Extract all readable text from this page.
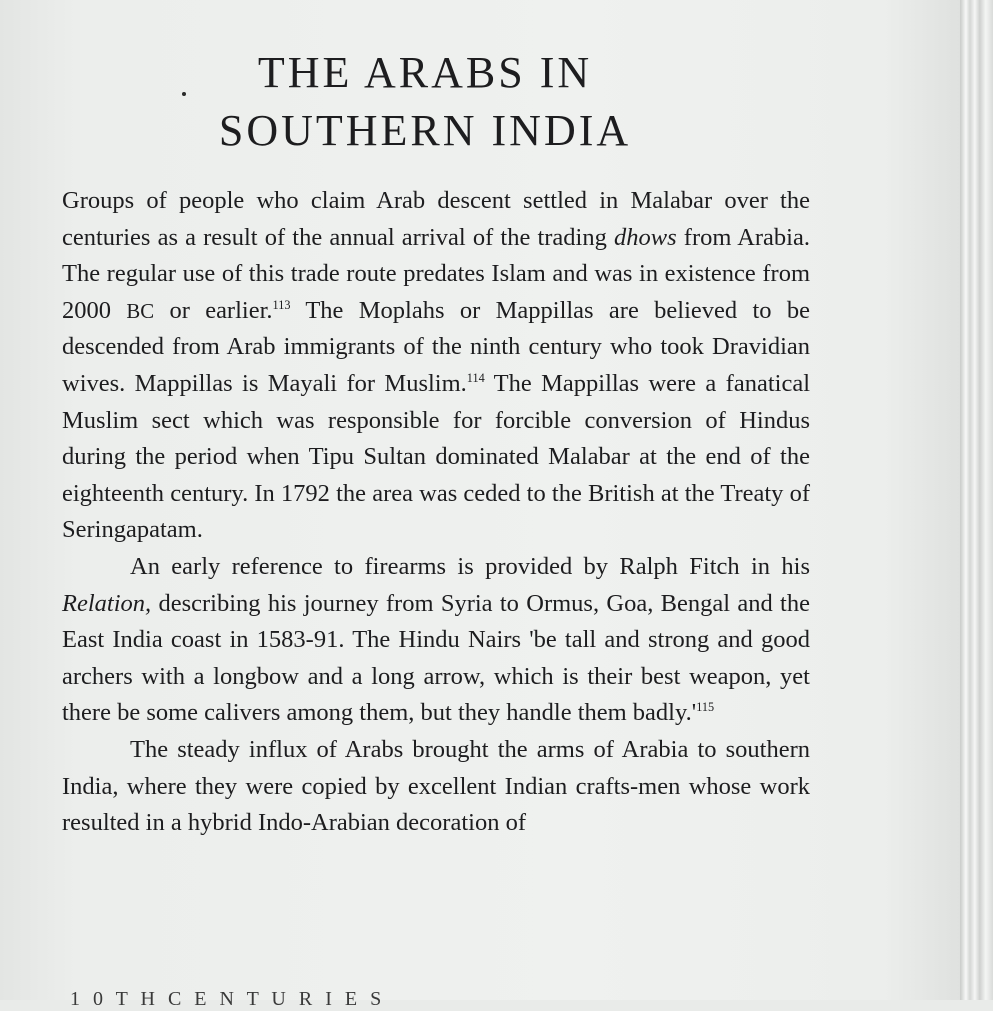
THE ARABS IN
SOUTHERN INDIA

Groups of people who claim Arab descent settled in Malabar over the centuries as a result of the annual arrival of the trading dhows from Arabia. The regular use of this trade route predates Islam and was in existence from 2000 BC or earlier.$^{113}$ The Moplahs or Mappillas are believed to be descended from Arab immigrants of the ninth century who took Dravidian wives. Mappillas is Mayali for Muslim.$^{114}$ The Mappillas were a fanatical Muslim sect which was responsible for forcible conversion of Hindus during the period when Tipu Sultan dominated Malabar at the end of the eighteenth century. In 1792 the area was ceded to the British at the Treaty of Seringapatam.

An early reference to firearms is provided by Ralph Fitch in his Relation, describing his journey from Syria to Ormus, Goa, Bengal and the East India coast in 1583-91. The Hindu Nairs 'be tall and strong and good archers with a longbow and a long arrow, which is their best weapon, yet there be some calivers among them, but they handle them badly.'$^{115}$

The steady influx of Arabs brought the arms of Arabia to southern India, where they were copied by excellent Indian crafts-men whose work resulted in a hybrid Indo-Arabian decoration of

1 0 T H C E N T U R I E S
